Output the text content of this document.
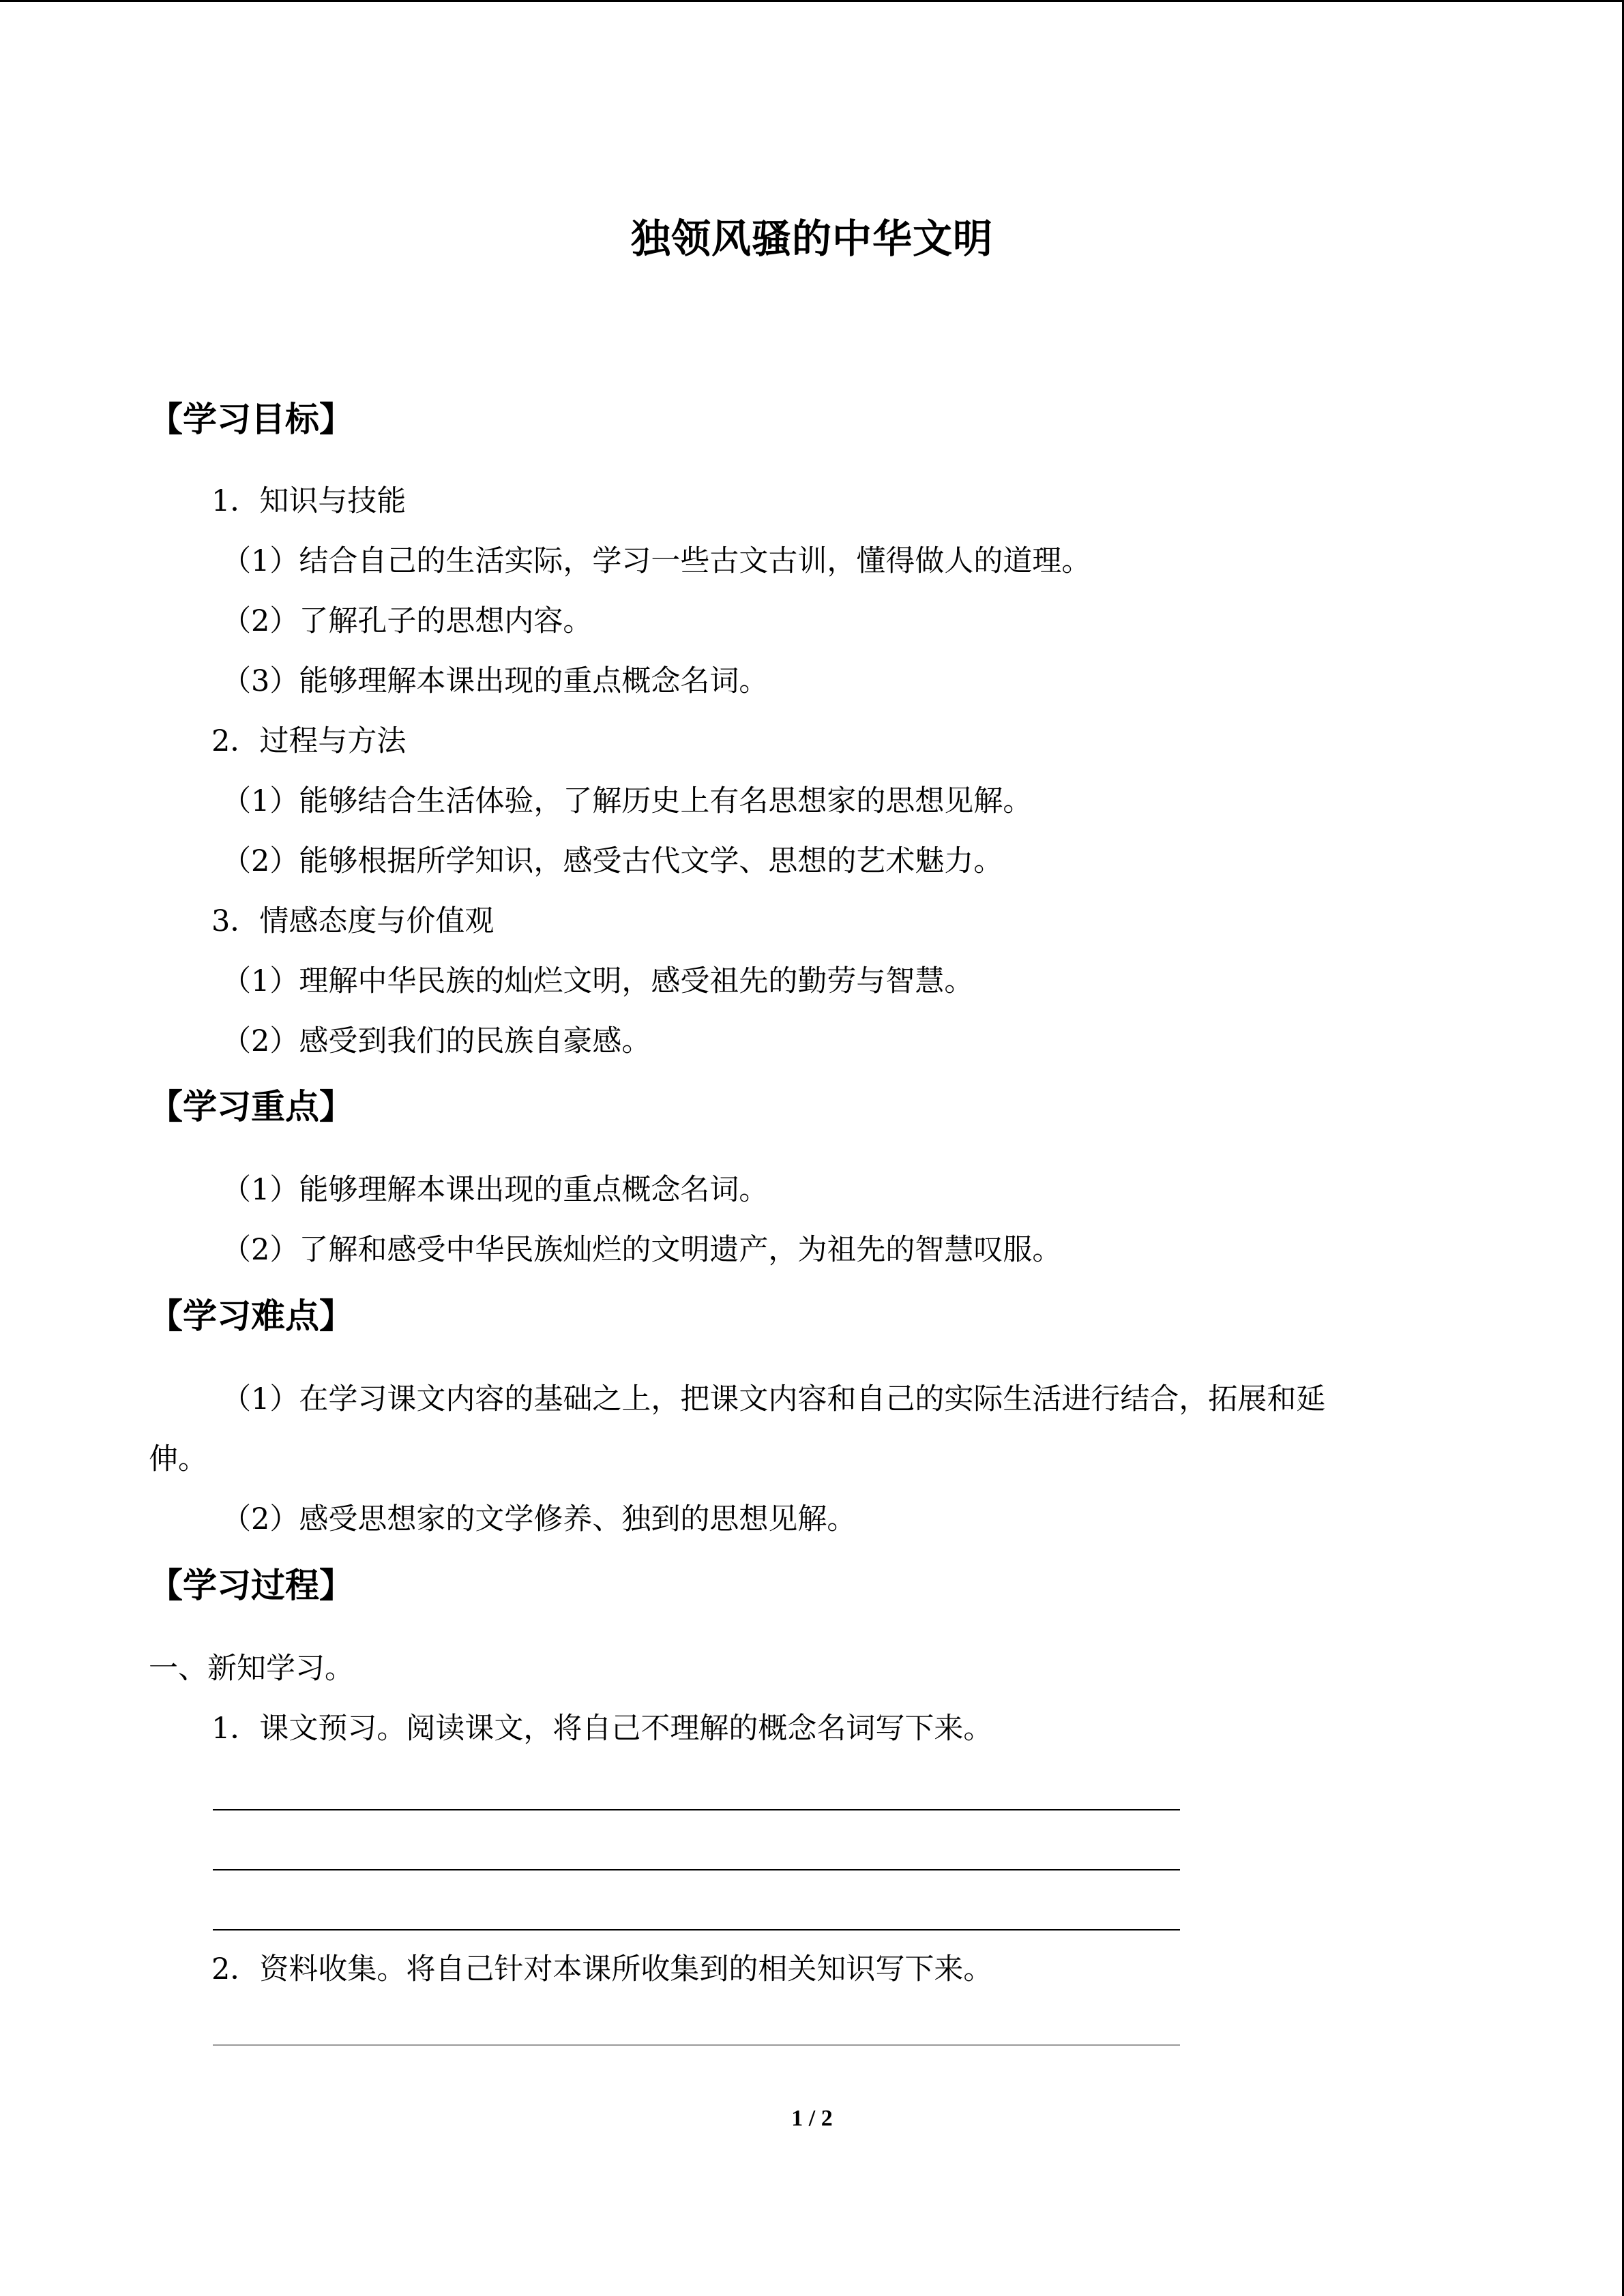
独领风骚的中华文明
【学习目标】
1．知识与技能
（1）结合自己的生活实际，学习一些古文古训，懂得做人的道理。
（2）了解孔子的思想内容。
（3）能够理解本课出现的重点概念名词。
2．过程与方法
（1）能够结合生活体验，了解历史上有名思想家的思想见解。
（2）能够根据所学知识，感受古代文学、思想的艺术魅力。
3．情感态度与价值观
（1）理解中华民族的灿烂文明，感受祖先的勤劳与智慧。
（2）感受到我们的民族自豪感。
【学习重点】
（1）能够理解本课出现的重点概念名词。
（2）了解和感受中华民族灿烂的文明遗产，为祖先的智慧叹服。
【学习难点】
（1）在学习课文内容的基础之上，把课文内容和自己的实际生活进行结合，拓展和延
伸。
（2）感受思想家的文学修养、独到的思想见解。
【学习过程】
一、新知学习。
1．课文预习。阅读课文，将自己不理解的概念名词写下来。
2．资料收集。将自己针对本课所收集到的相关知识写下来。
1 / 2
